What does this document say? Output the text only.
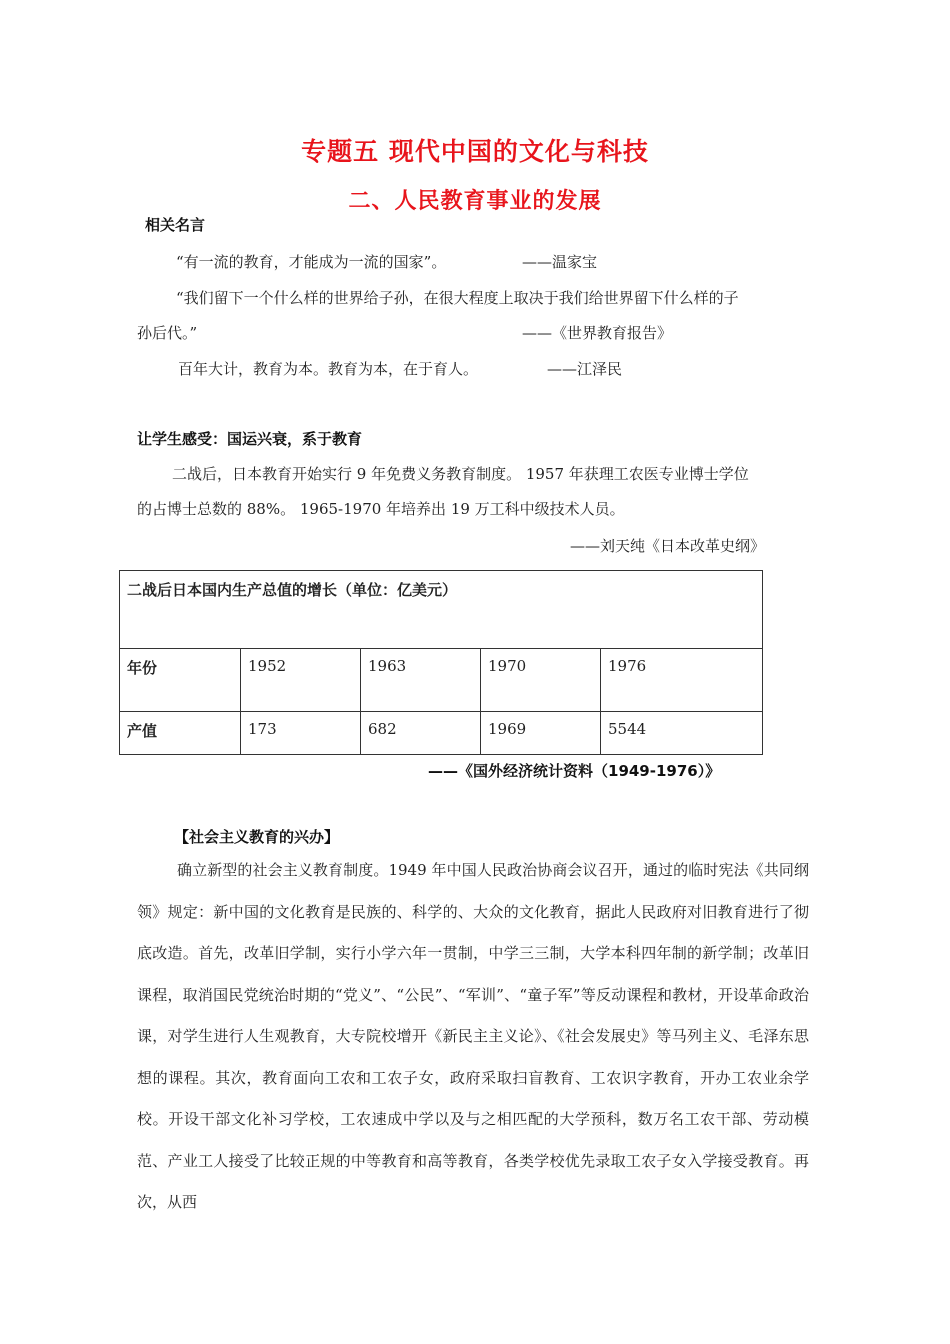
专题五 现代中国的文化与科技
二、人民教育事业的发展
相关名言
“有一流的教育，才能成为一流的国家”。	——温家宝
“我们留下一个什么样的世界给子孙，在很大程度上取决于我们给世界留下什么样的子
孙后代。”	——《世界教育报告》
百年大计，教育为本。教育为本，在于育人。	——江泽民
让学生感受：国运兴衰，系于教育
二战后，日本教育开始实行 9 年免费义务教育制度。 1957 年获理工农医专业博士学位
的占博士总数的 88%。 1965-1970 年培养出 19 万工科中级技术人员。
——刘天纯《日本改革史纲》
二战后日本国内生产总值的增长（单位：亿美元）				
年份	1952	1963	1970	1976
产值	173	682	1969	5544
——《国外经济统计资料（1949-1976）》
【社会主义教育的兴办】
确立新型的社会主义教育制度。1949 年中国人民政治协商会议召开，通过的临时宪法《共同纲领》规定：新中国的文化教育是民族的、科学的、大众的文化教育，据此人民政府对旧教育进行了彻底改造。首先，改革旧学制，实行小学六年一贯制，中学三三制，大学本科四年制的新学制；改革旧课程，取消国民党统治时期的“党义”、“公民”、“军训”、“童子军”等反动课程和教材，开设革命政治课，对学生进行人生观教育，大专院校增开《新民主主义论》、《社会发展史》等马列主义、毛泽东思想的课程。其次，教育面向工农和工农子女，政府采取扫盲教育、工农识字教育，开办工农业余学校。开设干部文化补习学校，工农速成中学以及与之相匹配的大学预科，数万名工农干部、劳动模范、产业工人接受了比较正规的中等教育和高等教育，各类学校优先录取工农子女入学接受教育。再次，从西
